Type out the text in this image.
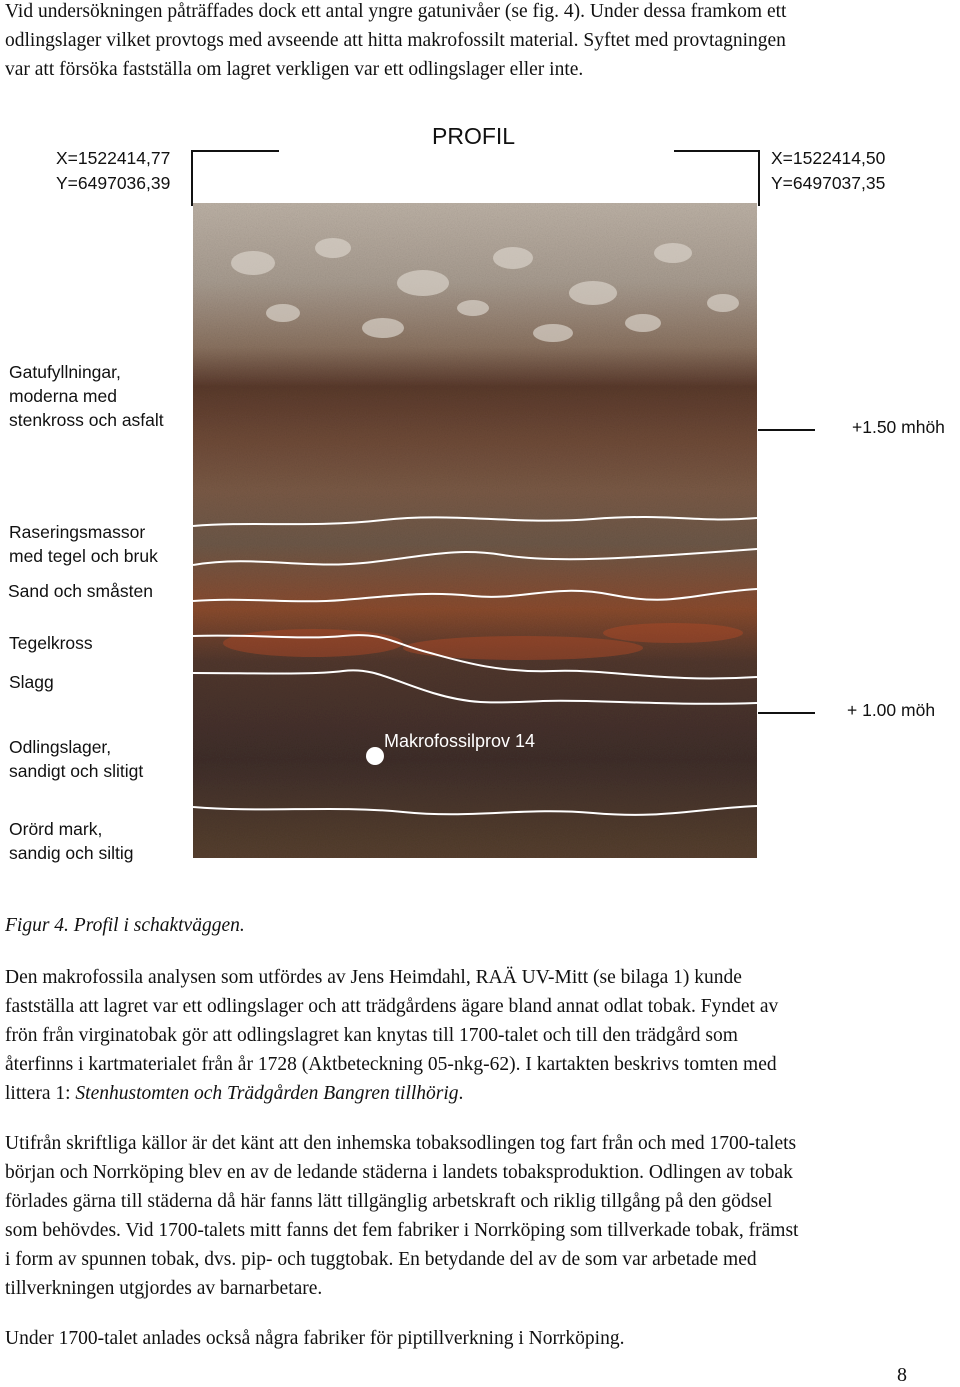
Vid undersökningen påträffades dock ett antal yngre gatunivåer (se fig. 4). Under dessa framkom ett
odlingslager vilket provtogs med avseende att hitta makrofossilt material. Syftet med provtagningen
var att försöka fastställa om lagret verkligen var ett odlingslager eller inte.
PROFIL
X=1522414,77
Y=6497036,39
X=1522414,50
Y=6497037,35
Gatufyllningar,
moderna med
stenkross och asfalt
Raseringsmassor
med tegel och bruk
Sand och småsten
Tegelkross
Slagg
Odlingslager,
sandigt och slitigt
Orörd mark,
sandig och siltig
+1.50 mhöh
+ 1.00 möh
Makrofossilprov 14
Figur 4. Profil i schaktväggen.
Den makrofossila analysen som utfördes av Jens Heimdahl, RAÄ UV-Mitt (se bilaga 1) kunde
fastställa att lagret var ett odlingslager och att trädgårdens ägare bland annat odlat tobak. Fyndet av
frön från virginatobak gör att odlingslagret kan knytas till 1700-talet och till den trädgård som
återfinns i kartmaterialet från år 1728 (Aktbeteckning 05-nkg-62). I kartakten beskrivs tomten med
littera 1: Stenhustomten och Trädgården Bangren tillhörig.
Utifrån skriftliga källor är det känt att den inhemska tobaksodlingen tog fart från och med 1700-talets
början och Norrköping blev en av de ledande städerna i landets tobaksproduktion. Odlingen av tobak
förlades gärna till städerna då här fanns lätt tillgänglig arbetskraft och riklig tillgång på den gödsel
som behövdes. Vid 1700-talets mitt fanns det fem fabriker i Norrköping som tillverkade tobak, främst
i form av spunnen tobak, dvs. pip- och tuggtobak. En betydande del av de som var arbetade med
tillverkningen utgjordes av barnarbetare.
Under 1700-talet anlades också några fabriker för piptillverkning i Norrköping.
8
